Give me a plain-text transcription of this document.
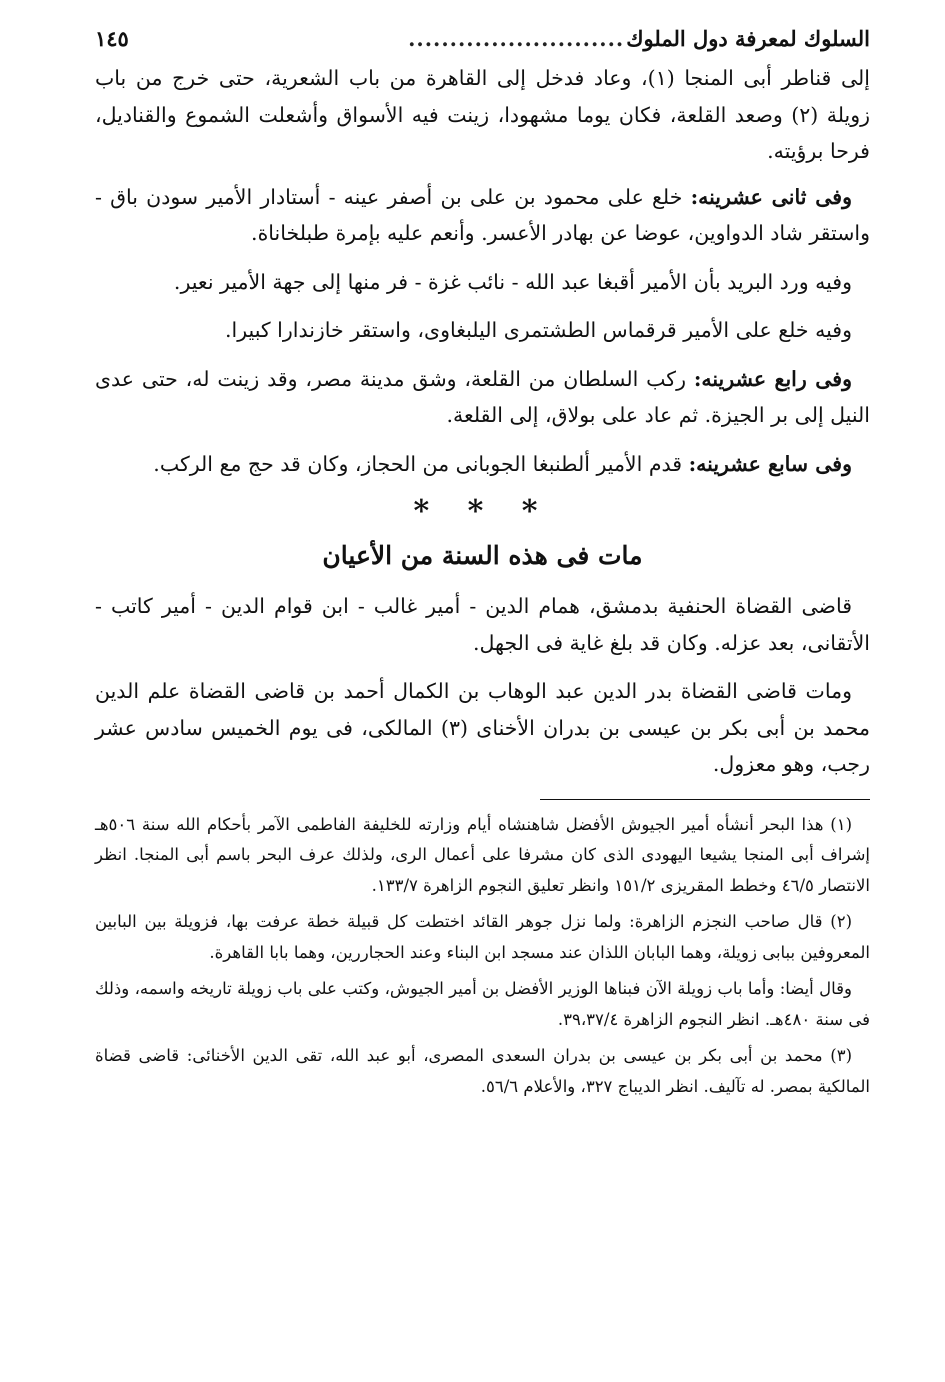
السلوك لمعرفة دول الملوك
..........................
١٤٥

إلى قناطر أبى المنجا (١)، وعاد فدخل إلى القاهرة من باب الشعرية، حتى خرج من باب زويلة (٢) وصعد القلعة، فكان يوما مشهودا، زينت فيه الأسواق وأشعلت الشموع والقناديل، فرحا برؤيته.

وفى ثانى عشرينه: خلع على محمود بن على بن أصفر عينه - أستادار الأمير سودن باق - واستقر شاد الدواوين، عوضا عن بهادر الأعسر. وأنعم عليه بإمرة طبلخاناة.

وفيه ورد البريد بأن الأمير أقبغا عبد الله - نائب غزة - فر منها إلى جهة الأمير نعير.

وفيه خلع على الأمير قرقماس الطشتمرى اليلبغاوى، واستقر خازندارا كبيرا.

وفى رابع عشرينه: ركب السلطان من القلعة، وشق مدينة مصر، وقد زينت له، حتى عدى النيل إلى بر الجيزة. ثم عاد على بولاق، إلى القلعة.

وفى سابع عشرينه: قدم الأمير ألطنبغا الجوبانى من الحجاز، وكان قد حج مع الركب.

* * *
مات فى هذه السنة من الأعيان

قاضى القضاة الحنفية بدمشق، همام الدين - أمير غالب - ابن قوام الدين - أمير كاتب - الأتقانى، بعد عزله. وكان قد بلغ غاية فى الجهل.

ومات قاضى القضاة بدر الدين عبد الوهاب بن الكمال أحمد بن قاضى القضاة علم الدين محمد بن أبى بكر بن عيسى بن بدران الأخناى (٣) المالكى، فى يوم الخميس سادس عشر رجب، وهو معزول.

(١) هذا البحر أنشأه أمير الجيوش الأفضل شاهنشاه أيام وزارته للخليفة الفاطمى الآمر بأحكام الله سنة ٥٠٦هـ إشراف أبى المنجا يشيعا اليهودى الذى كان مشرفا على أعمال الرى، ولذلك عرف البحر باسم أبى المنجا. انظر الانتصار ٤٦/٥ وخطط المقريزى ١٥١/٢ وانظر تعليق النجوم الزاهرة ١٣٣/٧.

(٢) قال صاحب النجزم الزاهرة: ولما نزل جوهر القائد اختطت كل قبيلة خطة عرفت بها، فزويلة بين البابين المعروفين ببابى زويلة، وهما البابان اللذان عند مسجد ابن البناء وعند الحجاررين، وهما بابا القاهرة.

وقال أيضا: وأما باب زويلة الآن فبناها الوزير الأفضل بن أمير الجيوش، وكتب على باب زويلة تاريخه واسمه، وذلك فى سنة ٤٨٠هـ. انظر النجوم الزاهرة ٣٩،٣٧/٤.

(٣) محمد بن أبى بكر بن عيسى بن بدران السعدى المصرى، أبو عبد الله، تقى الدين الأخنائى: قاضى قضاة المالكية بمصر. له تآليف. انظر الديباج ٣٢٧، والأعلام ٥٦/٦.
